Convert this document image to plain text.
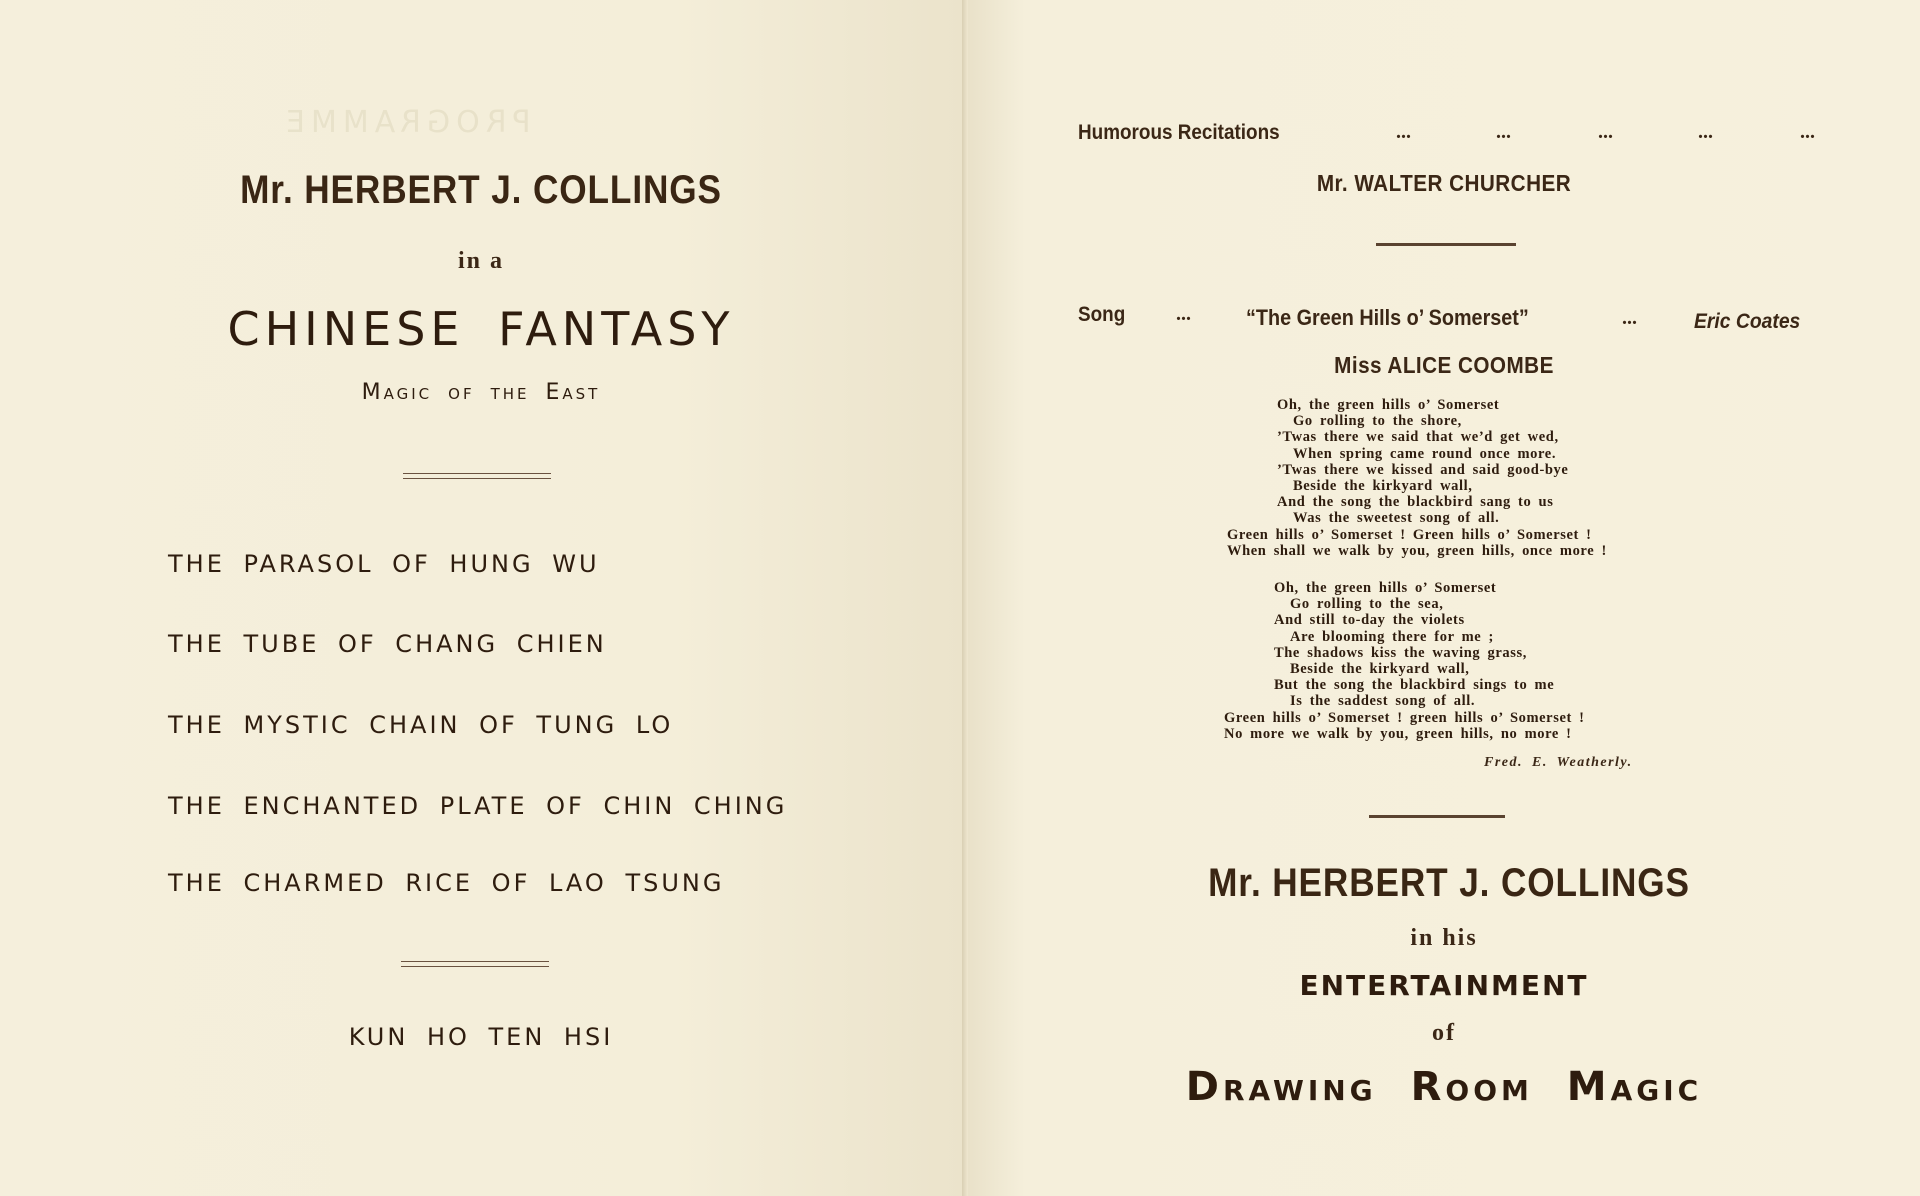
PROGRAMME
Mr. HERBERT J. COLLINGS
in a
CHINESE FANTASY
Magic of the East
THE PARASOL OF HUNG WU
THE TUBE OF CHANG CHIEN
THE MYSTIC CHAIN OF TUNG LO
THE ENCHANTED PLATE OF CHIN CHING
THE CHARMED RICE OF LAO TSUNG
KUN HO TEN HSI
Humorous Recitations	...	...	...	...	...
Mr. WALTER CHURCHER
Song	...	“The Green Hills o’ Somerset”	...	Eric Coates
Miss ALICE COOMBE
Oh, the green hills o’ Somerset
Go rolling to the shore,
’Twas there we said that we’d get wed,
When spring came round once more.
’Twas there we kissed and said good-bye
Beside the kirkyard wall,
And the song the blackbird sang to us
Was the sweetest song of all.
Green hills o’ Somerset ! Green hills o’ Somerset !
When shall we walk by you, green hills, once more !
Oh, the green hills o’ Somerset
Go rolling to the sea,
And still to-day the violets
Are blooming there for me ;
The shadows kiss the waving grass,
Beside the kirkyard wall,
But the song the blackbird sings to me
Is the saddest song of all.
Green hills o’ Somerset ! green hills o’ Somerset !
No more we walk by you, green hills, no more !
Fred. E. Weatherly.
Mr. HERBERT J. COLLINGS
in his
ENTERTAINMENT
of
Drawing Room Magic
